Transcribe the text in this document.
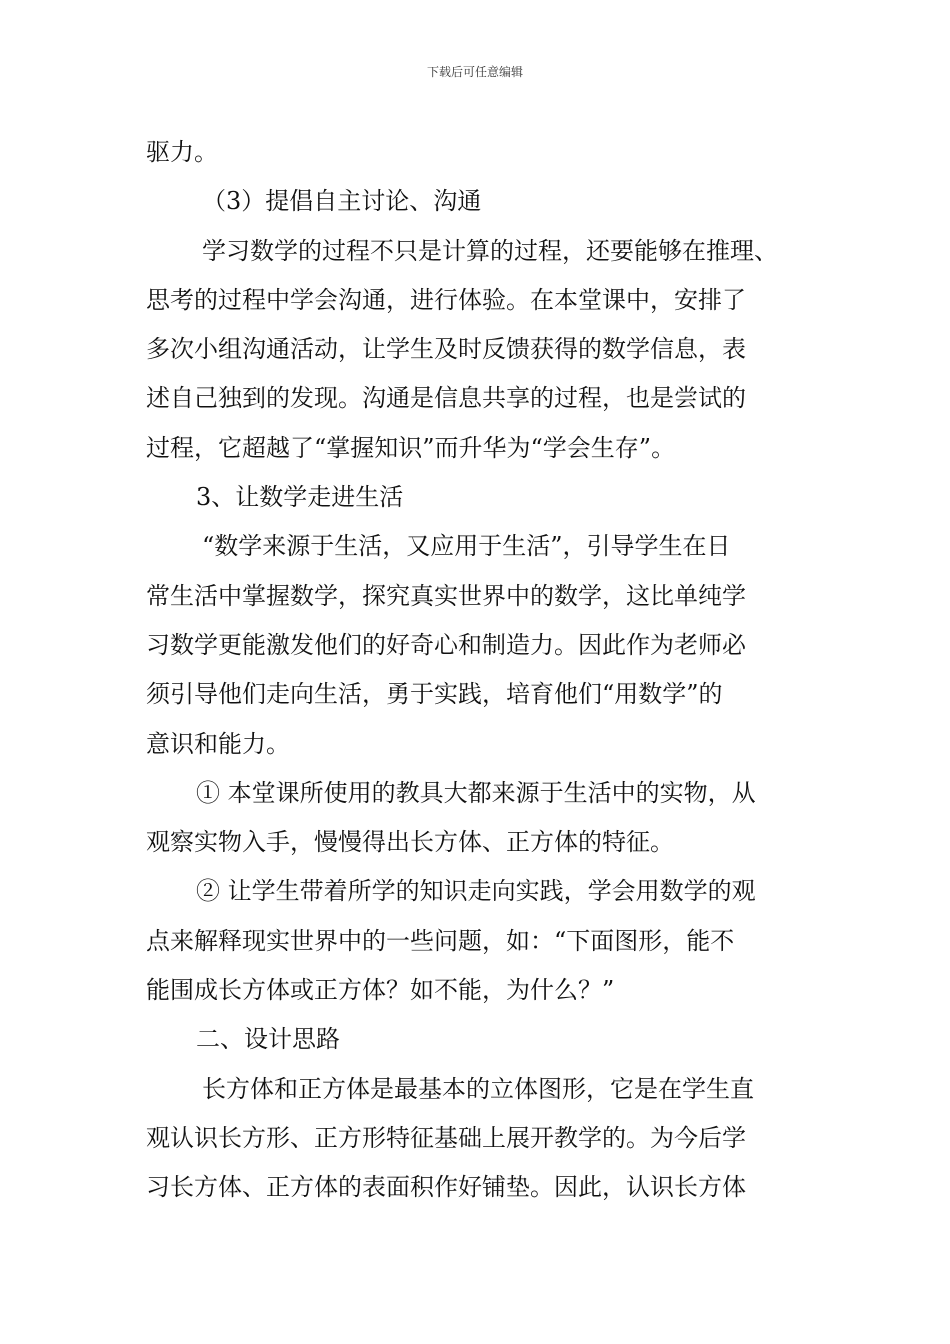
下载后可任意编辑
驱力。
（3）提倡自主讨论、沟通
学习数学的过程不只是计算的过程，还要能够在推理、
思考的过程中学会沟通，进行体验。在本堂课中，安排了
多次小组沟通活动，让学生及时反馈获得的数学信息，表
述自己独到的发现。沟通是信息共享的过程，也是尝试的
过程，它超越了“掌握知识”而升华为“学会生存”。
3、让数学走进生活
“数学来源于生活，又应用于生活”，引导学生在日
常生活中掌握数学，探究真实世界中的数学，这比单纯学
习数学更能激发他们的好奇心和制造力。因此作为老师必
须引导他们走向生活，勇于实践，培育他们“用数学”的
意识和能力。
① 本堂课所使用的教具大都来源于生活中的实物，从
观察实物入手，慢慢得出长方体、正方体的特征。
② 让学生带着所学的知识走向实践，学会用数学的观
点来解释现实世界中的一些问题，如：“下面图形，能不
能围成长方体或正方体？如不能，为什么？”
二、设计思路
长方体和正方体是最基本的立体图形，它是在学生直
观认识长方形、正方形特征基础上展开教学的。为今后学
习长方体、正方体的表面积作好铺垫。因此，认识长方体
